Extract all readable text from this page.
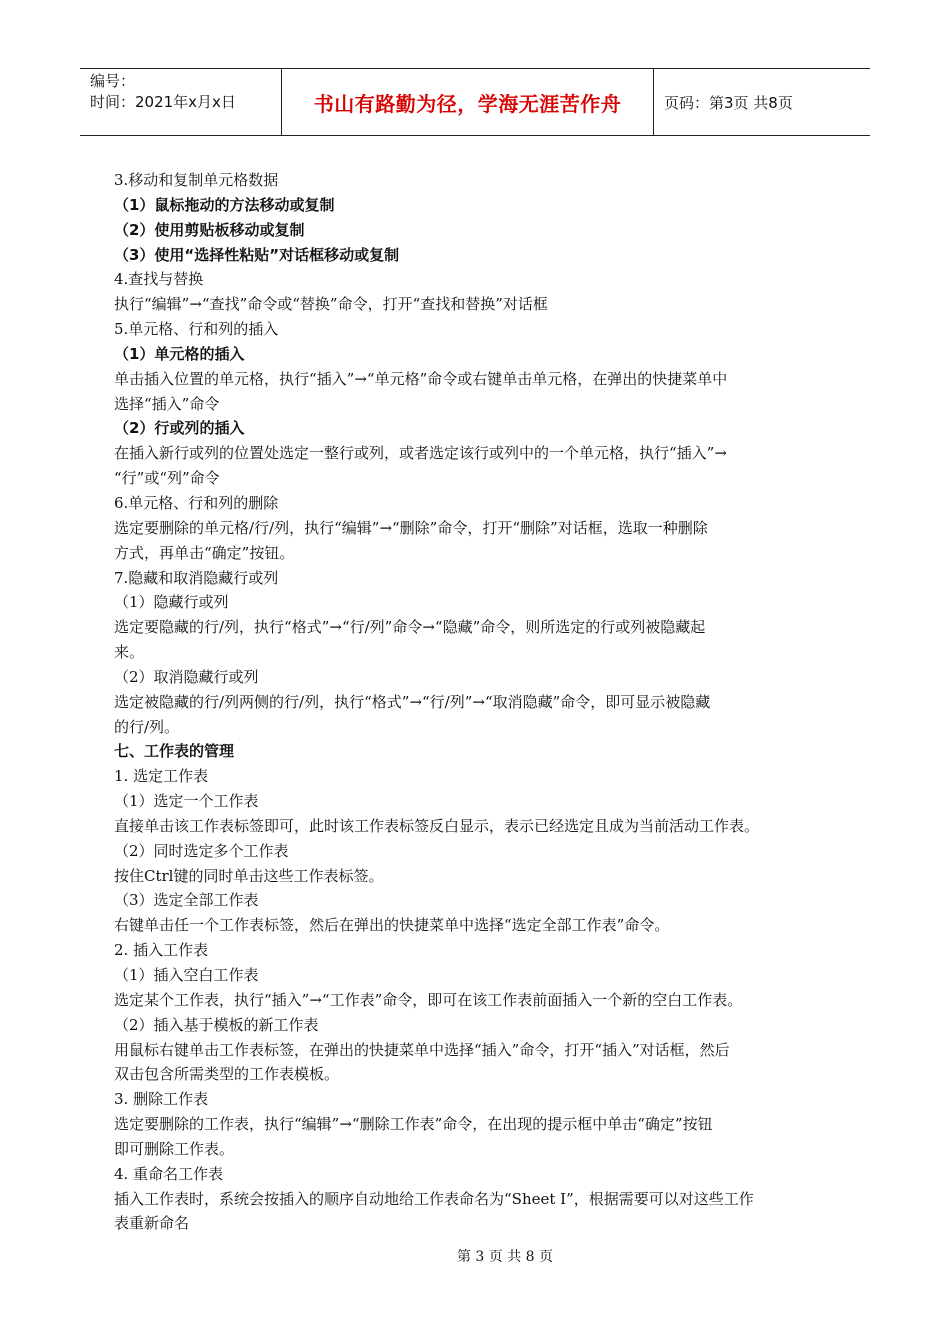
编号：
时间：2021年x月x日	书山有路勤为径，学海无涯苦作舟	页码：第3页 共8页

3.移动和复制单元格数据

（1）鼠标拖动的方法移动或复制

（2）使用剪贴板移动或复制

（3）使用“选择性粘贴”对话框移动或复制

4.查找与替换

执行“编辑”→“查找”命令或“替换”命令，打开“查找和替换”对话框

5.单元格、行和列的插入

（1）单元格的插入

单击插入位置的单元格，执行“插入”→“单元格”命令或右键单击单元格，在弹出的快捷菜单中

选择“插入”命令

（2）行或列的插入

在插入新行或列的位置处选定一整行或列，或者选定该行或列中的一个单元格，执行“插入”→

“行”或“列”命令

6.单元格、行和列的删除

选定要删除的单元格/行/列，执行“编辑”→“删除”命令，打开“删除”对话框，选取一种删除

方式，再单击“确定”按钮。

7.隐藏和取消隐藏行或列

（1）隐藏行或列

选定要隐藏的行/列，执行“格式”→“行/列”命令→“隐藏”命令，则所选定的行或列被隐藏起

来。

（2）取消隐藏行或列

选定被隐藏的行/列两侧的行/列，执行“格式”→“行/列”→“取消隐藏”命令，即可显示被隐藏

的行/列。

七、工作表的管理

1. 选定工作表

（1）选定一个工作表

直接单击该工作表标签即可，此时该工作表标签反白显示，表示已经选定且成为当前活动工作表。

（2）同时选定多个工作表

按住Ctrl键的同时单击这些工作表标签。

（3）选定全部工作表

右键单击任一个工作表标签，然后在弹出的快捷菜单中选择“选定全部工作表”命令。

2. 插入工作表

（1）插入空白工作表

选定某个工作表，执行“插入”→“工作表”命令，即可在该工作表前面插入一个新的空白工作表。

（2）插入基于模板的新工作表

用鼠标右键单击工作表标签，在弹出的快捷菜单中选择“插入”命令，打开“插入”对话框，然后

双击包含所需类型的工作表模板。

3. 删除工作表

选定要删除的工作表，执行“编辑”→“删除工作表”命令，在出现的提示框中单击“确定”按钮

即可删除工作表。

4. 重命名工作表

插入工作表时，系统会按插入的顺序自动地给工作表命名为“Sheet I”，根据需要可以对这些工作

表重新命名

第 3 页 共 8 页
